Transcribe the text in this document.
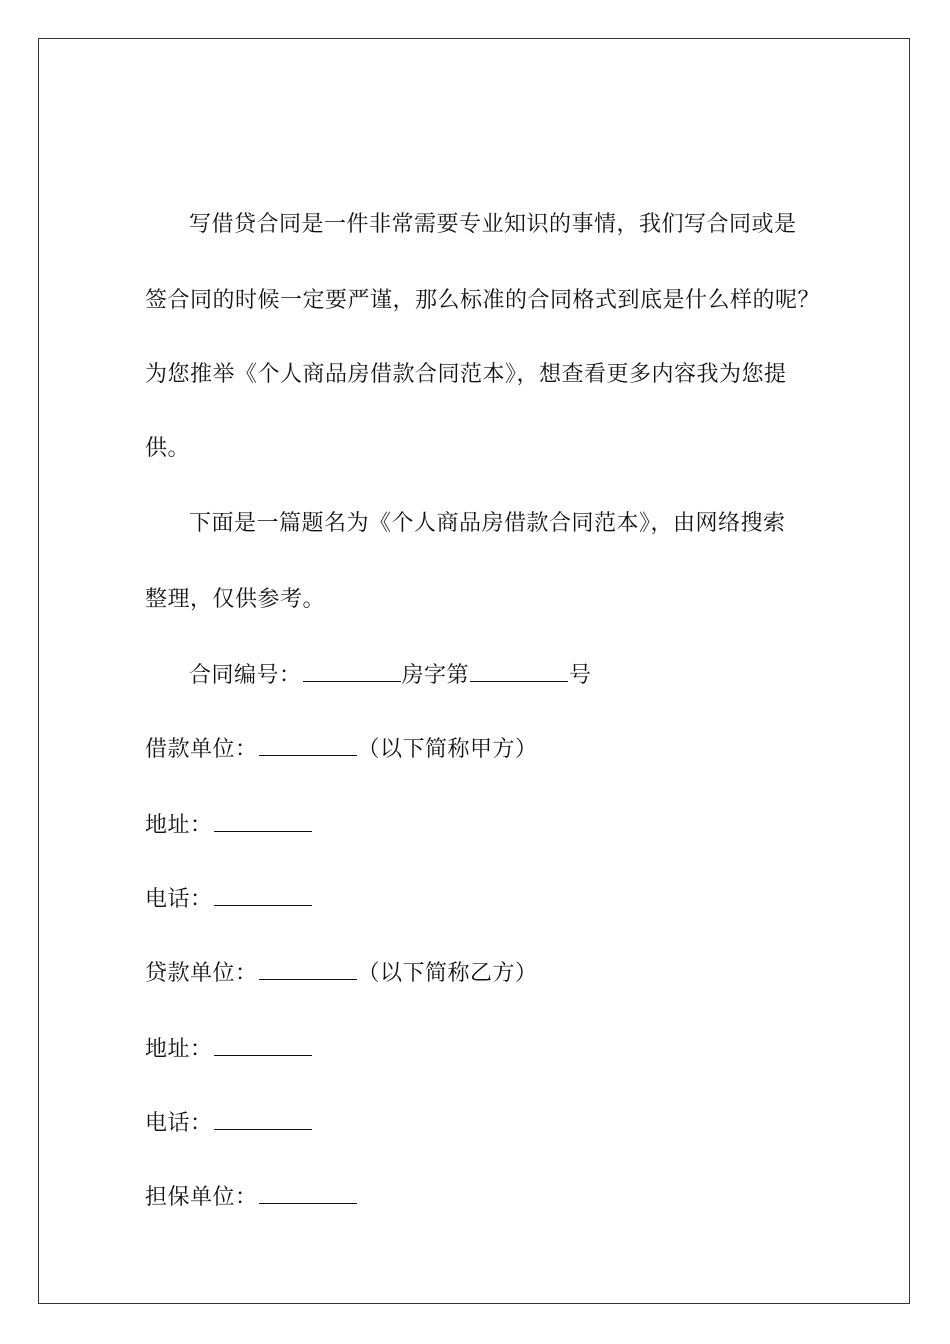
写借贷合同是一件非常需要专业知识的事情，我们写合同或是
签合同的时候一定要严谨，那么标准的合同格式到底是什么样的呢？
为您推举《个人商品房借款合同范本》，想查看更多内容我为您提
供。
下面是一篇题名为《个人商品房借款合同范本》，由网络搜索
整理，仅供参考。
合同编号：	房字第	号
借款单位：	（以下简称甲方）
地址：
电话：
贷款单位：	（以下简称乙方）
地址：
电话：
担保单位：
